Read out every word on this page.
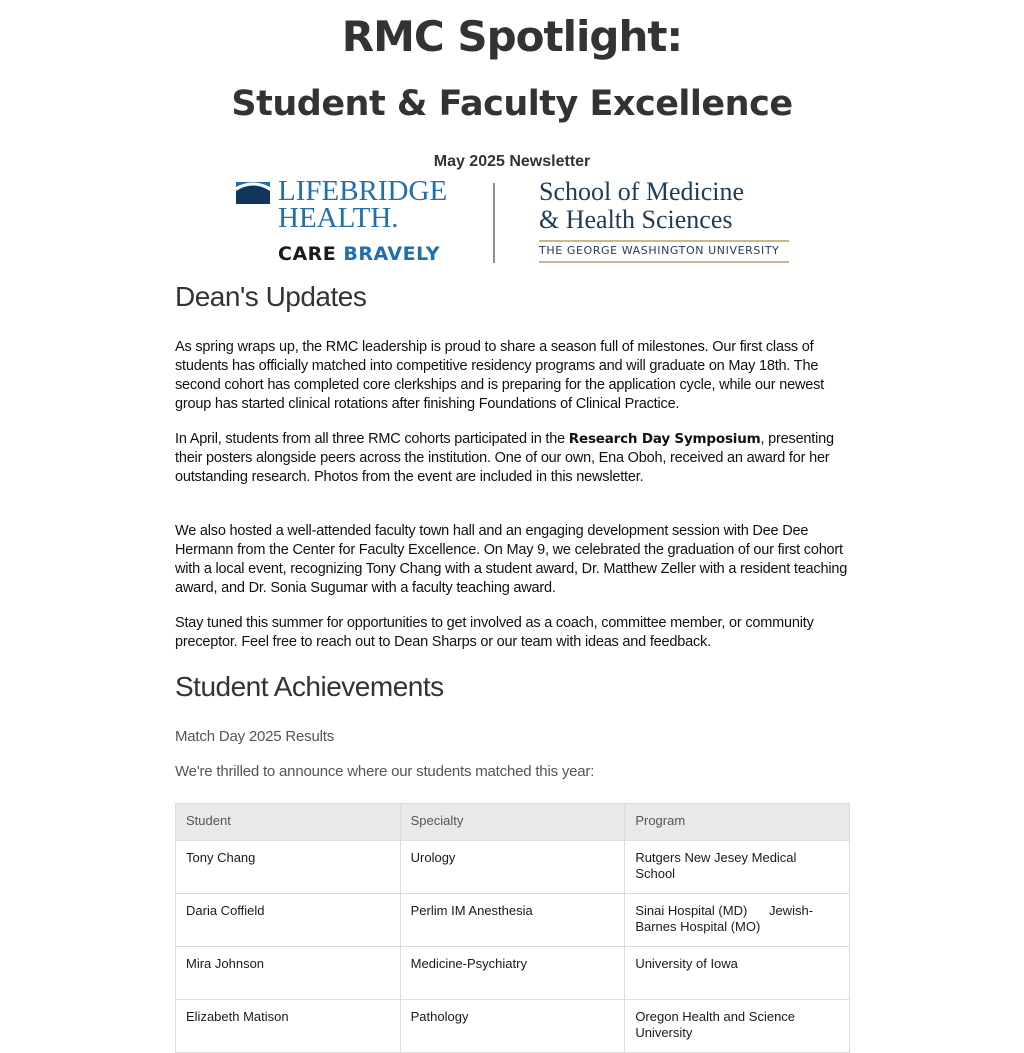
RMC Spotlight:
Student & Faculty Excellence
May 2025 Newsletter
LIFEBRIDGE
HEALTH.
CARE BRAVELY
School of Medicine
& Health Sciences
THE GEORGE WASHINGTON UNIVERSITY
Dean's Updates

As spring wraps up, the RMC leadership is proud to share a season full of milestones. Our first class of students has officially matched into competitive residency programs and will graduate on May 18th. The second cohort has completed core clerkships and is preparing for the application cycle, while our newest group has started clinical rotations after finishing Foundations of Clinical Practice.

In April, students from all three RMC cohorts participated in the Research Day Symposium, presenting their posters alongside peers across the institution. One of our own, Ena Oboh, received an award for her outstanding research. Photos from the event are included in this newsletter.

We also hosted a well-attended faculty town hall and an engaging development session with Dee Dee Hermann from the Center for Faculty Excellence. On May 9, we celebrated the graduation of our first cohort with a local event, recognizing Tony Chang with a student award, Dr. Matthew Zeller with a resident teaching award, and Dr. Sonia Sugumar with a faculty teaching award.

Stay tuned this summer for opportunities to get involved as a coach, committee member, or community preceptor. Feel free to reach out to Dean Sharps or our team with ideas and feedback.

Student Achievements

Match Day 2025 Results

We're thrilled to announce where our students matched this year:

Student	Specialty	Program
Tony Chang	Urology	Rutgers New Jesey Medical School
Daria Coffield	Perlim IM Anesthesia	Sinai Hospital (MD)      Jewish-Barnes Hospital (MO)
Mira Johnson	Medicine-Psychiatry	University of Iowa
Elizabeth Matison	Pathology	Oregon Health and Science University
